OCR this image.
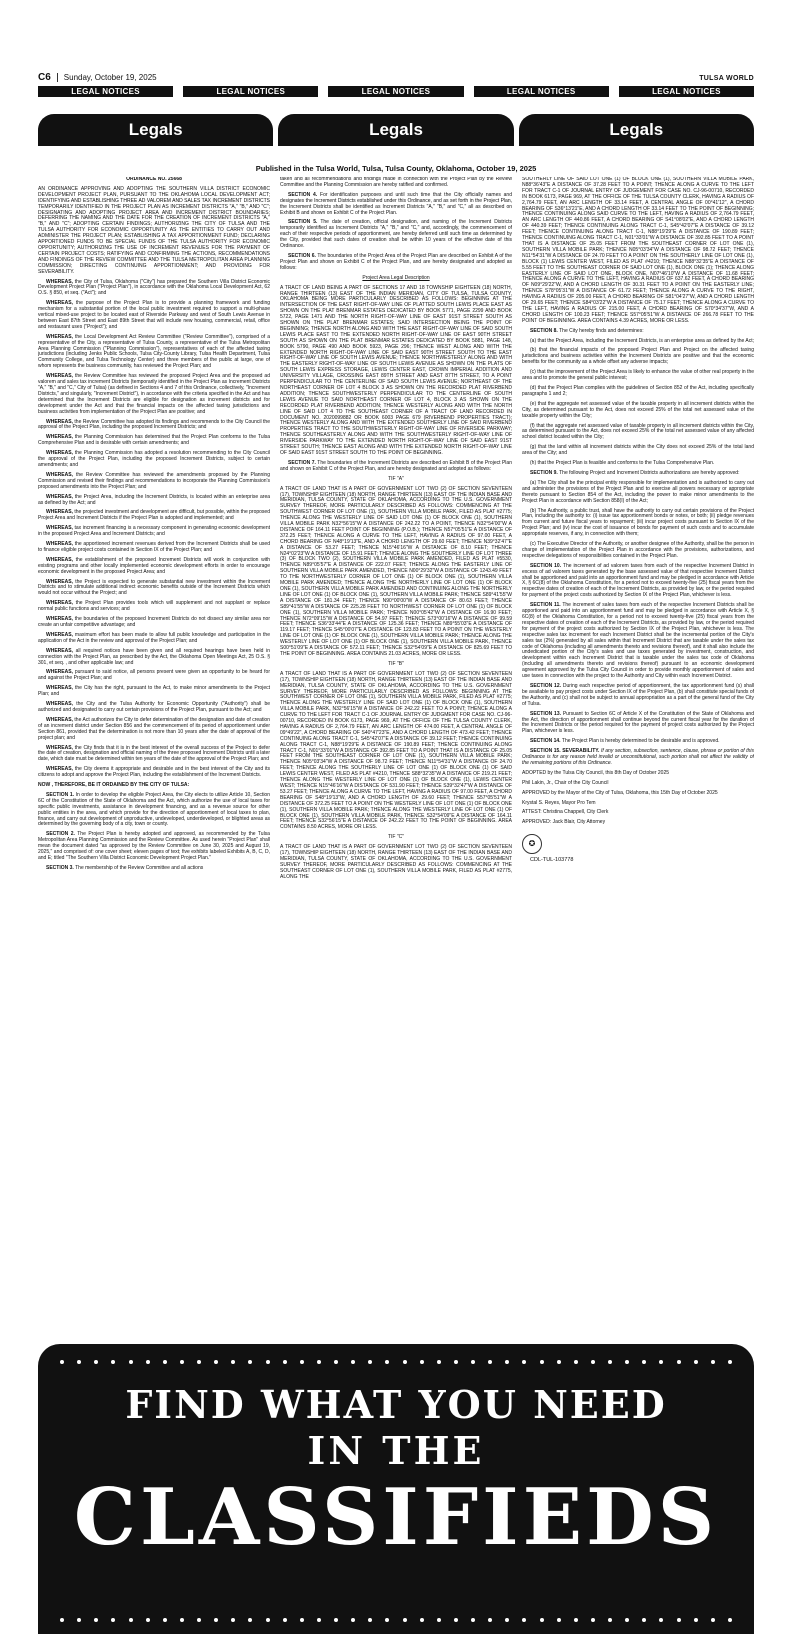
C6	Sunday, October 19, 2025	TULSA WORLD
LEGAL NOTICES	LEGAL NOTICES	LEGAL NOTICES	LEGAL NOTICES	LEGAL NOTICES
Legals	Legals	Legals
Published in the Tulsa World, Tulsa, Tulsa County, Oklahoma, October 19, 2025

ORDINANCE NO. 25668

AN ORDINANCE APPROVING AND ADOPTING THE SOUTHERN VILLA DISTRICT ECONOMIC DEVELOPMENT PROJECT PLAN, PURSUANT TO THE OKLAHOMA LOCAL DEVELOPMENT ACT; IDENTIFYING AND ESTABLISHING THREE AD VALOREM AND SALES TAX INCREMENT DISTRICTS TEMPORARILY IDENTIFIED IN THE PROJECT PLAN AS INCREMENT DISTRICTS "A," "B," AND "C"; DESIGNATING AND ADOPTING PROJECT AREA AND INCREMENT DISTRICT BOUNDARIES; DEFERRING THE NAMING AND THE DATE FOR THE CREATION OF INCREMENT DISTRICTS "A," "B," AND "C"; ADOPTING CERTAIN FINDINGS; AUTHORIZING THE CITY OF TULSA AND THE TULSA AUTHORITY FOR ECONOMIC OPPORTUNITY AS THE ENTITIES TO CARRY OUT AND ADMINISTER THE PROJECT PLAN; ESTABLISHING A TAX APPORTIONMENT FUND; DECLARING APPORTIONED FUNDS TO BE SPECIAL FUNDS OF THE TULSA AUTHORITY FOR ECONOMIC OPPORTUNITY; AUTHORIZING THE USE OF INCREMENT REVENUES FOR THE PAYMENT OF CERTAIN PROJECT COSTS; RATIFYING AND CONFIRMING THE ACTIONS, RECOMMENDATIONS AND FINDINGS OF THE REVIEW COMMITTEE AND THE TULSA METROPOLITAN AREA PLANNING COMMISSION; DIRECTING CONTINUING APPORTIONMENT; AND PROVIDING FOR SEVERABILITY.

WHEREAS, the City of Tulsa, Oklahoma ("City") has prepared the Southern Villa District Economic Development Project Plan ("Project Plan"), in accordance with the Oklahoma Local Development Act, 62 O.S. § 850, et seq. ("Act"); and

WHEREAS, the purpose of the Project Plan is to provide a planning framework and funding mechanism for a substantial portion of the local public investment required to support a multi-phase vertical mixed-use project to be located east of Riverside Parkway and west of South Lewis Avenue in between East 87th Street and East 89th Street that will include new housing, commercial, retail, office and restaurant uses ("Project"); and

WHEREAS, the Local Development Act Review Committee ("Review Committee"), comprised of a representative of the City, a representative of Tulsa County, a representative of the Tulsa Metropolitan Area Planning Commission ("Planning Commission"), representatives of each of the affected taxing jurisdictions (including Jenks Public Schools, Tulsa City-County Library, Tulsa Health Department, Tulsa Community College, and Tulsa Technology Center) and three members of the public at large, one of whom represents the business community, has reviewed the Project Plan; and

WHEREAS, the Review Committee has reviewed the proposed Project Area and the proposed ad valorem and sales tax increment Districts (temporarily identified in the Project Plan as Increment Districts "A," "B," and "C," City of Tulsa) (as defined in Sections 4 and 7 of this Ordinance, collectively, "Increment Districts," and singularly, "Increment District"), in accordance with the criteria specified in the Act and has determined that the Increment Districts are eligible for designation as increment districts and for development under the Act and that the financial impacts on the affected taxing jurisdictions and business activities from implementation of the Project Plan are positive; and

WHEREAS, the Review Committee has adopted its findings and recommends to the City Council the approval of the Project Plan, including the proposed Increment Districts; and

WHEREAS, the Planning Commission has determined that the Project Plan conforms to the Tulsa Comprehensive Plan and is desirable with certain amendments; and

WHEREAS, the Planning Commission has adopted a resolution recommending to the City Council the approval of the Project Plan, including the proposed Increment Districts, subject to certain amendments; and

WHEREAS, the Review Committee has reviewed the amendments proposed by the Planning Commission and revised their findings and recommendations to incorporate the Planning Commission's proposed amendments into the Project Plan; and

WHEREAS, the Project Area, including the Increment Districts, is located within an enterprise area as defined by the Act; and

WHEREAS, the projected investment and development are difficult, but possible, within the proposed Project Area and Increment Districts if the Project Plan is adopted and implemented; and

WHEREAS, tax increment financing is a necessary component in generating economic development in the proposed Project Area and Increment Districts; and

WHEREAS, the apportioned increment revenues derived from the Increment Districts shall be used to finance eligible project costs contained in Section IX of the Project Plan; and

WHEREAS, the establishment of the proposed Increment Districts will work in conjunction with existing programs and other locally implemented economic development efforts in order to encourage economic development in the proposed Project Area; and

WHEREAS, the Project is expected to generate substantial new investment within the Increment Districts and to stimulate additional indirect economic benefits outside of the Increment Districts which would not occur without the Project; and

WHEREAS, the Project Plan provides tools which will supplement and not supplant or replace normal public functions and services; and

WHEREAS, the boundaries of the proposed Increment Districts do not dissect any similar area nor create an unfair competitive advantage; and

WHEREAS, maximum effort has been made to allow full public knowledge and participation in the application of the Act in the review and approval of the Project Plan; and

WHEREAS, all required notices have been given and all required hearings have been held in connection with the Project Plan, as prescribed by the Act, the Oklahoma Open Meetings Act, 25 O.S. § 301, et seq. , and other applicable law; and

WHEREAS, pursuant to said notice, all persons present were given an opportunity to be heard for and against the Project Plan; and

WHEREAS, the City has the right, pursuant to the Act, to make minor amendments to the Project Plan; and

WHEREAS, the City and the Tulsa Authority for Economic Opportunity ("Authority") shall be authorized and designated to carry out certain provisions of the Project Plan, pursuant to the Act; and

WHEREAS, the Act authorizes the City to defer determination of the designation and date of creation of an increment district under Section 856 and the commencement of its period of apportionment under Section 861, provided that the determination is not more than 10 years after the date of approval of the project plan; and

WHEREAS, the City finds that it is in the best interest of the overall success of the Project to defer the date of creation, designation and official naming of the three proposed Increment Districts until a later date, which date must be determined within ten years of the date of the approval of the Project Plan; and

WHEREAS, the City deems it appropriate and desirable and in the best interest of the City and its citizens to adopt and approve the Project Plan, including the establishment of the Increment Districts.

NOW , THEREFORE, BE IT ORDAINED BY THE CITY OF TULSA:

SECTION 1. In order to develop the eligible Project Area, the City elects to utilize Article 10, Section 6C of the Constitution of the State of Oklahoma and the Act, which authorize the use of local taxes for specific public investments, assistance in development financing, and as a revenue source for other public entities in the area, and which provide for the direction of apportionment of local taxes to plan, finance, and carry out development of unproductive, undeveloped, underdeveloped, or blighted areas as determined by the governing body of a city, town or county.

SECTION 2. The Project Plan is hereby adopted and approved, as recommended by the Tulsa Metropolitan Area Planning Commission and the Review Committee. As used herein "Project Plan" shall mean the document dated "as approved by the Review Committee on June 30, 2025 and August 19, 2025," and comprised of: one cover sheet; eleven pages of text; five exhibits labeled Exhibits A, B, C, D, and E; titled "The Southern Villa District Economic Development Project Plan."

SECTION 3. The membership of the Review Committee and all actions

taken and all recommendations and findings made in connection with the Project Plan by the Review Committee and the Planning Commission are hereby ratified and confirmed.

SECTION 4. For identification purposes and until such time that the City officially names and designates the Increment Districts established under this Ordinance, and as set forth in the Project Plan, the Increment Districts shall be identified as Increment Districts "A," "B," and "C," all as described on Exhibit B and shown on Exhibit C of the Project Plan.

SECTION 5. The date of creation, official designation, and naming of the Increment Districts temporarily identified as Increment Districts "A," "B," and "C," and, accordingly, the commencement of each of their respective periods of apportionment, are hereby deferred until such time as determined by the City, provided that such dates of creation shall be within 10 years of the effective date of this Ordinance.

SECTION 6. The boundaries of the Project Area of the Project Plan are described on Exhibit A of the Project Plan and shown on Exhibit C of the Project Plan, and are hereby designated and adopted as follows:

Project Area Legal Description

A TRACT OF LAND BEING A PART OF SECTIONS 17 AND 18 TOWNSHIP EIGHTEEN (18) NORTH, RANGE THIRTEEN (13) EAST OF THE INDIAN MERIDIAN, CITY OF TULSA, TULSA COUNTY, OKLAHOMA BEING MORE PARTICULARLY DESCRIBED AS FOLLOWS: BEGINNING AT THE INTERSECTION OF THE EAST RIGHT-OF-WAY LINE OF PLATTED SOUTH LEWIS PLACE EAST AS SHOWN ON THE PLAT BRENMAR ESTATES DEDICATED BY BOOK 5771, PAGE 2299 AND BOOK 5722, PAGE 1471 AND THE NORTH RIGHT-OF-WAY LINE OF EAST 91ST STREET SOUTH AS SHOWN ON THE PLAT BRENMAR ESTATES; SAID INTERSECTION BEING THE POINT OF BEGINNING; THENCE NORTH ALONG AND WITH THE EAST RIGHT-OF-WAY LINE OF SAID SOUTH LEWIS PLACE EAST TO THE EXTENDED NORTH RIGHT-OF-WAY LINE OF EAST 90TH STREET SOUTH AS SHOWN ON THE PLAT BRENMAR ESTATES DEDICATED BY BOOK 5881, PAGE 148, BOOK 5790, PAGE 490 AND BOOK 5923, PAGE 296; THENCE WEST ALONG AND WITH THE EXTENDED NORTH RIGHT-OF-WAY LINE OF SAID EAST 90TH STREET SOUTH TO THE EAST RIGHT-OF-WAY LINE OF SOUTH LEWIS AVENUE; THENCE NORTHWESTERLY ALONG AND WITH THE EASTERLY RIGHT-OF-WAY LINE OF SOUTH LEWIS AVENUE AS SHOWN ON THE PLATS OF SOUTH LEWIS EXPRESS STORAGE, LEWIS CENTER EAST, CROWN IMPERIAL ADDITION AND UNIVERSITY VILLAGE, CROSSING EAST 89TH STREET AND EAST 87TH STREET, TO A POINT PERPENDICULAR TO THE CENTERLINE OF SAID SOUTH LEWIS AVENUE; NORTHEAST OF THE NORTHEAST CORNER OF LOT 4 BLOCK 3 AS SHOWN ON THE RECORDED PLAT RIVERBEND ADDITION; THENCE SOUTHWESTERLY PERPENDICULAR TO THE CENTERLINE OF SOUTH LEWIS AVENUE TO SAID NORTHEAST CORNER OF LOT 4, BLOCK 3 AS SHOWN ON THE RECORDED PLAT RIVERBEND ADDITION; THENCE WESTERLY ALONG AND WITH THE NORTH LINE OF SAID LOT 4 TO THE SOUTHEAST CORNER OF A TRACT OF LAND RECORDED IN DOCUMENT NO. 2020099882 OR BOOK 6003 PAGE 679 (RIVERBEND PROPERTIES TRACT); THENCE WESTERLY ALONG AND WITH THE EXTENDED SOUTHERLY LINE OF SAID RIVERBEND PROPERTIES TRACT TO THE SOUTHWESTERLY RIGHT-OF-WAY LINE OF RIVERSIDE PARKWAY; THENCE SOUTHEASTERLY ALONG AND WITH THE SOUTHWESTERLY RIGHT-OF-WAY LINE OF RIVERSIDE PARKWAY TO THE EXTENDED NORTH RIGHT-OF-WAY LINE OF SAID EAST 91ST STREET SOUTH; THENCE EAST ALONG AND WITH THE EXTENDED NORTH RIGHT-OF-WAY LINE OF SAID EAST 91ST STREET SOUTH TO THE POINT OF BEGINNING.

SECTION 7. The boundaries of the Increment Districts are described on Exhibit B of the Project Plan and shown on Exhibit C of the Project Plan, and are hereby designated and adopted as follows:

TIF "A"

A TRACT OF LAND THAT IS A PART OF GOVERNMENT LOT TWO (2) OF SECTION SEVENTEEN (17), TOWNSHIP EIGHTEEN (18) NORTH, RANGE THIRTEEN (13) EAST OF THE INDIAN BASE AND MERIDIAN, TULSA COUNTY, STATE OF OKLAHOMA, ACCORDING TO THE U.S. GOVERNMENT SURVEY THEREOF, MORE PARTICULARLY DESCRIBED AS FOLLOWS: COMMENCING AT THE SOUTHWEST CORNER OF LOT ONE (1), SOUTHERN VILLA MOBILE PARK, FILED AS PLAT #2775; THENCE ALONG THE WESTERLY LINE OF SAID LOT ONE (1) OF BLOCK ONE (1), SOUTHERN VILLA MOBILE PARK N32°56'15"W A DISTANCE OF 242.22 TO A POINT, THENCE N32°54'00"W A DISTANCE OF 164.11 FEET POINT OF BEGINNING (P.O.B.); THENCE N57°05'51"E A DISTANCE OF 372.25 FEET; THENCE ALONG A CURVE TO THE LEFT, HAVING A RADIUS OF 97.00 FEET, A CHORD BEARING OF N48°19'13"E, AND A CHORD LENGTH OF 29.60 FEET; THENCE N39°32'47"E A DISTANCE OF 53.27 FEET; THENCE N15°46'16"W A DISTANCE OF 8.10 FEET; THENCE N24°02'23"W A DISTANCE OF 15.91 FEET; THENCE ALONG THE SOUTHERLY LINE OF LOT THREE (3) OF BLOCK TWO (2), SOUTHERN VILLA MOBILE PARK AMENDED, FILED AS PLAT #5530, THENCE N89°05'57"E A DISTANCE OF 222.07 FEET; THENCE ALONG THE EASTERLY LINE OF SOUTHERN VILLA MOBILE PARK AMENDED, THENCE N00°29'32"W A DISTANCE OF 1243.49 FEET TO THE NORTHWESTERLY CORNER OF LOT ONE (1) OF BLOCK ONE (1), SOUTHERN VILLA MOBILE PARK AMENDED; THENCE ALONG THE NORTHERLY LINE OF LOT ONE (1) OF BLOCK ONE (1), SOUTHERN VILLA MOBILE PARK AMENDED AND CONTINUING ALONG THE NORTHERLY LINE OF LOT ONE (1) OF BLOCK ONE (1), SOUTHERN VILLA MOBILE PARK; THENCE S89°41'55"W A DISTANCE OF 181.34 FEET; THENCE N90°00'00"W A DISTANCE OF 80.63 FEET; THENCE S89°41'55"W A DISTANCE OF 225.28 FEET TO NORTHWEST CORNER OF LOT ONE (1) OF BLOCK ONE (1), SOUTHERN VILLA MOBILE PARK; THENCE N00°05'42"W A DISTANCE OF 16.90 FEET; THENCE N72°09'15"W A DISTANCE OF 54.97 FEET; THENCE S73°00'16"W A DISTANCE OF 99.59 FEET; THENCE S36°33'44"E A DISTANCE OF 125.36 FEET; THENCE N89°55'03"E A DISTANCE OF 119.17 FEET; THENCE S45°00'07"E A DISTANCE OF 123.83 FEET TO A POINT ON THE WESTERLY LINE OF LOT ONE (1) OF BLOCK ONE (1), SOUTHERN VILLA MOBILE PARK; THENCE ALONG THE WESTERLY LINE OF LOT ONE (1) OF BLOCK ONE (1), SOUTHERN VILLA MOBILE PARK, THENCE S00°51'09"E A DISTANCE OF 572.11 FEET; THENCE S32°54'09"E A DISTANCE OF 825.69 FEET TO THE POINT OF BEGINNING. AREA CONTAINS 21.03 ACRES, MORE OR LESS.

TIF "B"

A TRACT OF LAND THAT IS A PART OF GOVERNMENT LOT TWO (2) OF SECTION SEVENTEEN (17), TOWNSHIP EIGHTEEN (18) NORTH, RANGE THIRTEEN (13) EAST OF THE INDIAN BASE AND MERIDIAN, TULSA COUNTY, STATE OF OKLAHOMA, ACCORDING TO THE U.S. GOVERNMENT SURVEY THEREOF, MORE PARTICULARLY DESCRIBED AS FOLLOWS: BEGINNING AT THE SOUTHWEST CORNER OF LOT ONE (1), SOUTHERN VILLA MOBILE PARK, FILED AS PLAT #2775; THENCE ALONG THE WESTERLY LINE OF SAID LOT ONE (1) OF BLOCK ONE (1), SOUTHERN VILLA MOBILE PARK, N32°56'15"W A DISTANCE OF 242.22 FEET TO A POINT; THENCE ALONG A CURVE TO THE LEFT FOR TRACT C-1 OF JOURNAL ENTRY OF JUDGMENT FOR CASE NO. CJ-96-00710, RECORDED IN BOOK 6173, PAGE 969, AT THE OFFICE OF THE TULSA COUNTY CLERK, HAVING A RADIUS OF 2,764.79 FEET, AN ARC LENGTH OF 474.00 FEET, A CENTRAL ANGLE OF 09°49'22", A CHORD BEARING OF S40°47'23"E, AND A CHORD LENGTH OF 473.42 FEET; THENCE CONTINUING ALONG TRACT C-1, S45°42'07"E A DISTANCE OF 39.12 FEET; THENCE CONTINUING ALONG TRACT C-1, N88°19'29"E A DISTANCE OF 190.89 FEET; THENCE CONTINUING ALONG TRACT C-1, N01°33'01"W A DISTANCE OF 392.85 FEET TO A POINT THAT IS A DISTANCE OF 25.05 FEET FROM THE SOUTHEAST CORNER OF LOT ONE (1), SOUTHERN VILLA MOBILE PARK; THENCE N05°03'34"W A DISTANCE OF 98.72 FEET; THENCE N11°54'31"W A DISTANCE OF 24.70 FEET; THENCE ALONG THE SOUTHERLY LINE OF LOT ONE (1) OF BLOCK ONE (1) OF SAID LEWIS CENTER WEST, FILED AS PLAT #4210, THENCE S88°32'35"W A DISTANCE OF 219.21 FEET; THENCE ALONG THE WESTERLY LINE OF LOT ONE (1) OF BLOCK ONE (1), LEWIS CENTER WEST; THENCE N15°46'16"W A DISTANCE OF 531.90 FEET; THENCE S39°32'47"W A DISTANCE OF 53.27 FEET; THENCE ALONG A CURVE TO THE LEFT, HAVING A RADIUS OF 97.00 FEET, A CHORD BEARING OF S48°19'13"W, AND A CHORD LENGTH OF 29.60 FEET; THENCE S57°05'51"W A DISTANCE OF 372.25 FEET TO A POINT ON THE WESTERLY LINE OF LOT ONE (1) OF BLOCK ONE (1), SOUTHERN VILLA MOBILE PARK; THENCE ALONG THE WESTERLY LINE OF LOT ONE (1) OF BLOCK ONE (1), SOUTHERN VILLA MOBILE PARK, THENCE S32°54'09"E A DISTANCE OF 164.11 FEET; THENCE S32°56'15"E A DISTANCE OF 242.22 FEET TO THE POINT OF BEGINNING. AREA CONTAINS 8.50 ACRES, MORE OR LESS.

TIF "C"

A TRACT OF LAND THAT IS A PART OF GOVERNMENT LOT TWO (2) OF SECTION SEVENTEEN (17), TOWNSHIP EIGHTEEN (18) NORTH, RANGE THIRTEEN (13) EAST OF THE INDIAN BASE AND MERIDIAN, TULSA COUNTY, STATE OF OKLAHOMA, ACCORDING TO THE U.S. GOVERNMENT SURVEY THEREOF, MORE PARTICULARLY DESCRIBED AS FOLLOWS: COMMENCING AT THE SOUTHEAST CORNER OF LOT ONE (1), SOUTHERN VILLA MOBILE PARK, FILED AS PLAT #2775, ALONG THE

SOUTHERLY LINE OF SAID LOT ONE (1) OF BLOCK ONE (1), SOUTHERN VILLA MOBILE PARK, N88°36'43"E A DISTANCE OF 37.28 FEET TO A POINT; THENCE ALONG A CURVE TO THE LEFT FOR TRACT C-1 OF JOURNAL ENTRY OF JUDGEMENT FOR CASE NO. CJ-96-00710, RECORDED IN BOOK 6173, PAGE 969, AT THE OFFICE OF THE TULSA COUNTY CLERK, HAVING A RADIUS OF 2,764.79 FEET, AN ARC LENGTH OF 33.14 FEET, A CENTRAL ANGLE OF 00°41'12", A CHORD BEARING OF S36°13'21"E, AND A CHORD LENGTH OF 33.14 FEET TO THE POINT OF BEGINNING; THENCE CONTINUING ALONG SAID CURVE TO THE LEFT, HAVING A RADIUS OF 2,764.79 FEET, AN ARC LENGTH OF 440.86 FEET, A CHORD BEARING OF S41°08'02"E, AND A CHORD LENGTH OF 440.39 FEET; THENCE CONTINUING ALONG TRACT C-1, S45°42'07"E A DISTANCE OF 39.12 FEET; THENCE CONTINUING ALONG TRACT C-1, N88°19'29"E A DISTANCE OF 190.89 FEET; THENCE CONTINUING ALONG TRACT C-1, N01°33'01"W A DISTANCE OF 392.85 FEET TO A POINT THAT IS A DISTANCE OF 25.05 FEET FROM THE SOUTHEAST CORNER OF LOT ONE (1), SOUTHERN VILLA MOBILE PARK; THENCE N05°03'34"W A DISTANCE OF 98.72 FEET; THENCE N11°54'31"W A DISTANCE OF 24.70 FEET TO A POINT ON THE SOUTHERLY LINE OF LOT ONE (1), BLOCK (1) LEWIS CENTER WEST, FILED AS PLAT #4210; THENCE N88°32'35"E A DISTANCE OF 5.55 FEET TO THE SOUTHEAST CORNER OF SAID LOT ONE (1), BLOCK ONE (1); THENCE ALONG EASTERLY LINE OF SAID LOT ONE, BLOCK ONE, N07°46'10"W A DISTANCE OF 11.68 FEET; THENCE ALONG A CURVE TO THE LEFT, HAVING A RADIUS OF 637.62 FEET, A CHORD BEARING OF N09°29'22"W, AND A CHORD LENGTH OF 30.31 FEET TO A POINT ON THE EASTERLY LINE; THENCE S78°05'31"W A DISTANCE OF 61.72 FEET; THENCE ALONG A CURVE TO THE RIGHT, HAVING A RADIUS OF 205.00 FEET, A CHORD BEARING OF S81°04'27"W, AND A CHORD LENGTH OF 29.65 FEET; THENCE S84°03'22"W A DISTANCE OF 75.17 FEET; THENCE ALONG A CURVE TO THE LEFT, HAVING A RADIUS OF 215.00 FEET, A CHORD BEARING OF S70°34'37"W, AND A CHORD LENGTH OF 100.23 FEET; THENCE S57°05'51"W A DISTANCE OF 266.78 FEET TO THE POINT OF BEGINNING. AREA CONTAINS 4.39 ACRES, MORE OR LESS.

SECTION 8. The City hereby finds and determines:

(a) that the Project Area, including the Increment Districts, is an enterprise area as defined by the Act;

(b) that the financial impacts of the proposed Project Plan and Project on the affected taxing jurisdictions and business activities within the Increment Districts are positive and that the economic benefits for the community as a whole offset any adverse impacts;

(c) that the improvement of the Project Area is likely to enhance the value of other real property in the area and to promote the general public interest;

(d) that the Project Plan complies with the guidelines of Section 852 of the Act, including specifically paragraphs 1 and 2;

(e) that the aggregate net assessed value of the taxable property in all increment districts within the City, as determined pursuant to the Act, does not exceed 25% of the total net assessed value of the taxable property within the City;

(f) that the aggregate net assessed value of taxable property in all increment districts within the City, as determined pursuant to the Act, does not exceed 25% of the total net assessed value of any affected school district located within the City;

(g) that the land within all increment districts within the City does not exceed 25% of the total land area of the City; and

(h) that the Project Plan is feasible and conforms to the Tulsa Comprehensive Plan.

SECTION 9. The following Project and Increment Districts authorizations are hereby approved:

(a) The City shall be the principal entity responsible for implementation and is authorized to carry out and administer the provisions of the Project Plan and to exercise all powers necessary or appropriate thereto pursuant to Section 854 of the Act, including the power to make minor amendments to the Project Plan in accordance with Section 858(I) of the Act;

(b) The Authority, a public trust, shall have the authority to carry out certain provisions of the Project Plan, including the authority to: (i) issue tax apportionment bonds or notes, or both; (ii) pledge revenues from current and future fiscal years to repayment; (iii) incur project costs pursuant to Section IX of the Project Plan; and (iv) incur the cost of issuance of bonds for payment of such costs and to accumulate appropriate reserves, if any, in connection with them;

(c) The Executive Director of the Authority, or another designee of the Authority, shall be the person in charge of implementation of the Project Plan in accordance with the provisions, authorizations, and respective delegations of responsibilities contained in the Project Plan.

SECTION 10. The increment of ad valorem taxes from each of the respective Increment District in excess of ad valorem taxes generated by the base assessed value of that respective Increment District shall be apportioned and paid into an apportionment fund and may be pledged in accordance with Article X, § 6C(8) of the Oklahoma Constitution, for a period not to exceed twenty-five (25) fiscal years from the respective dates of creation of each of the Increment Districts, as provided by law, or the period required for payment of the project costs authorized by Section IX of the Project Plan, whichever is less.

SECTION 11. The increment of sales taxes from each of the respective Increment Districts shall be apportioned and paid into an apportionment fund and may be pledged in accordance with Article X, § 6C(8) of the Oklahoma Constitution, for a period not to exceed twenty-five (25) fiscal years from the respective dates of creation of each of the Increment Districts, as provided by law, or the period required for payment of the project costs authorized by Section IX of the Project Plan, whichever is less. The respective sales tax increment for each Increment District shall be the incremental portion of the City's sales tax (2%) generated by all sales within that Increment District that are taxable under the sales tax code of Oklahoma (including all amendments thereto and revisions thereof), and it shall also include the undedicated portion of the City's sales and use taxes generated by investment, construction, and development within each Increment District that is taxable under the sales tax code of Oklahoma (including all amendments thereto and revisions thereof) pursuant to an economic development agreement approved by the Tulsa City Council in order to provide monthly apportionment of sales and use taxes in connection with the project to the Authority and City within each Increment District.

SECTION 12. During each respective period of apportionment, the tax apportionment fund (s) shall be available to pay project costs under Section IX of the Project Plan, (b) shall constitute special funds of the Authority, and (c) shall not be subject to annual appropriation as a part of the general fund of the City of Tulsa.

SECTION 13. Pursuant to Section 6C of Article X of the Constitution of the State of Oklahoma and the Act, the direction of apportionment shall continue beyond the current fiscal year for the duration of the Increment Districts or the period required for the payment of project costs authorized by the Project Plan, whichever is less.

SECTION 14. The Project Plan is hereby determined to be desirable and is approved.

SECTION 15. SEVERABILITY. If any section, subsection, sentence, clause, phrase or portion of this Ordinance is for any reason held invalid or unconstitutional, such portion shall not affect the validity of the remaining portions of this Ordinance.

ADOPTED by the Tulsa City Council, this 8th Day of October 2025

Phil Lakin, Jr., Chair of the City Council

APPROVED by the Mayor of the City of Tulsa, Oklahoma, this 15th Day of October 2025

Krystal S. Reyes, Mayor Pro Tem

ATTEST: Christina Chappell, City Clerk

APPROVED: Jack Blair, City Attorney

✪

CDL-TUL-103778

FIND WHAT YOU NEED
IN THE
CLASSIFIEDS
